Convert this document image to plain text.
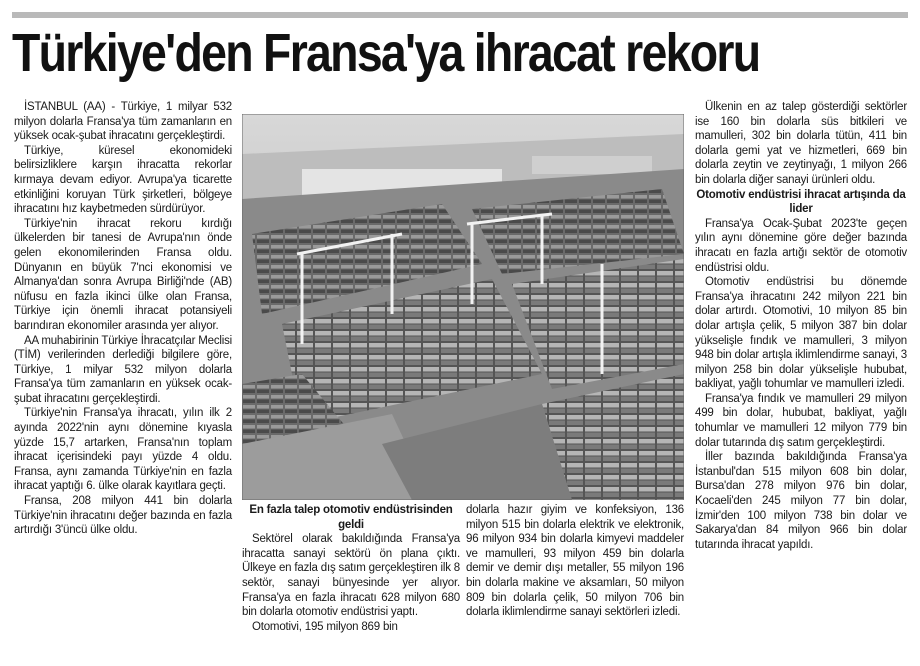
Türkiye'den Fransa'ya ihracat rekoru

İSTANBUL (AA) - Türkiye, 1 milyar 532 milyon dolarla Fransa'ya tüm zamanların en yüksek ocak-şubat ihracatını gerçekleştirdi.

Türkiye, küresel ekonomideki belirsizliklere karşın ihracatta rekorlar kırmaya devam ediyor. Avrupa'ya ticarette etkinliğini koruyan Türk şirketleri, bölgeye ihracatını hız kaybetmeden sürdürüyor.

Türkiye'nin ihracat rekoru kırdığı ülkelerden bir tanesi de Avrupa'nın önde gelen ekonomilerinden Fransa oldu. Dünyanın en büyük 7'nci ekonomisi ve Almanya'dan sonra Avrupa Birliği'nde (AB) nüfusu en fazla ikinci ülke olan Fransa, Türkiye için önemli ihracat potansiyeli barındıran ekonomiler arasında yer alıyor.

AA muhabirinin Türkiye İhracatçılar Meclisi (TİM) verilerinden derlediği bilgilere göre, Türkiye, 1 milyar 532 milyon dolarla Fransa'ya tüm zamanların en yüksek ocak-şubat ihracatını gerçekleştirdi.

Türkiye'nin Fransa'ya ihracatı, yılın ilk 2 ayında 2022'nin aynı dönemine kıyasla yüzde 15,7 artarken, Fransa'nın toplam ihracat içerisindeki payı yüzde 4 oldu. Fransa, aynı zamanda Türkiye'nin en fazla ihracat yaptığı 6. ülke olarak kayıtlara geçti.

Fransa, 208 milyon 441 bin dolarla Türkiye'nin ihracatını değer bazında en fazla artırdığı 3'üncü ülke oldu.

En fazla talep otomotiv endüstrisinden geldi

Sektörel olarak bakıldığında Fransa'ya ihracatta sanayi sektörü ön plana çıktı. Ülkeye en fazla dış satım gerçekleştiren ilk 8 sektör, sanayi bünyesinde yer alıyor. Fransa'ya en fazla ihracatı 628 milyon 680 bin dolarla otomotiv endüstrisi yaptı.

Otomotivi, 195 milyon 869 bin

dolarla hazır giyim ve konfeksiyon, 136 milyon 515 bin dolarla elektrik ve elektronik, 96 milyon 934 bin dolarla kimyevi maddeler ve mamulleri, 93 milyon 459 bin dolarla demir ve demir dışı metaller, 55 milyon 196 bin dolarla makine ve aksamları, 50 milyon 809 bin dolarla çelik, 50 milyon 706 bin dolarla iklimlendirme sanayi sektörleri izledi.

Ülkenin en az talep gösterdiği sektörler ise 160 bin dolarla süs bitkileri ve mamulleri, 302 bin dolarla tütün, 411 bin dolarla gemi yat ve hizmetleri, 669 bin dolarla zeytin ve zeytinyağı, 1 milyon 266 bin dolarla diğer sanayi ürünleri oldu.

Otomotiv endüstrisi ihracat artışında da lider

Fransa'ya Ocak-Şubat 2023'te geçen yılın aynı dönemine göre değer bazında ihracatı en fazla artığı sektör de otomotiv endüstrisi oldu.

Otomotiv endüstrisi bu dönemde Fransa'ya ihracatını 242 milyon 221 bin dolar artırdı. Otomotivi, 10 milyon 85 bin dolar artışla çelik, 5 milyon 387 bin dolar yükselişle fındık ve mamulleri, 3 milyon 948 bin dolar artışla iklimlendirme sanayi, 3 milyon 258 bin dolar yükselişle hububat, bakliyat, yağlı tohumlar ve mamulleri izledi.

Fransa'ya fındık ve mamulleri 29 milyon 499 bin dolar, hububat, bakliyat, yağlı tohumlar ve mamulleri 12 milyon 779 bin dolar tutarında dış satım gerçekleştirdi.

İller bazında bakıldığında Fransa'ya İstanbul'dan 515 milyon 608 bin dolar, Bursa'dan 278 milyon 976 bin dolar, Kocaeli'den 245 milyon 77 bin dolar, İzmir'den 100 milyon 738 bin dolar ve Sakarya'dan 84 milyon 966 bin dolar tutarında ihracat yapıldı.
